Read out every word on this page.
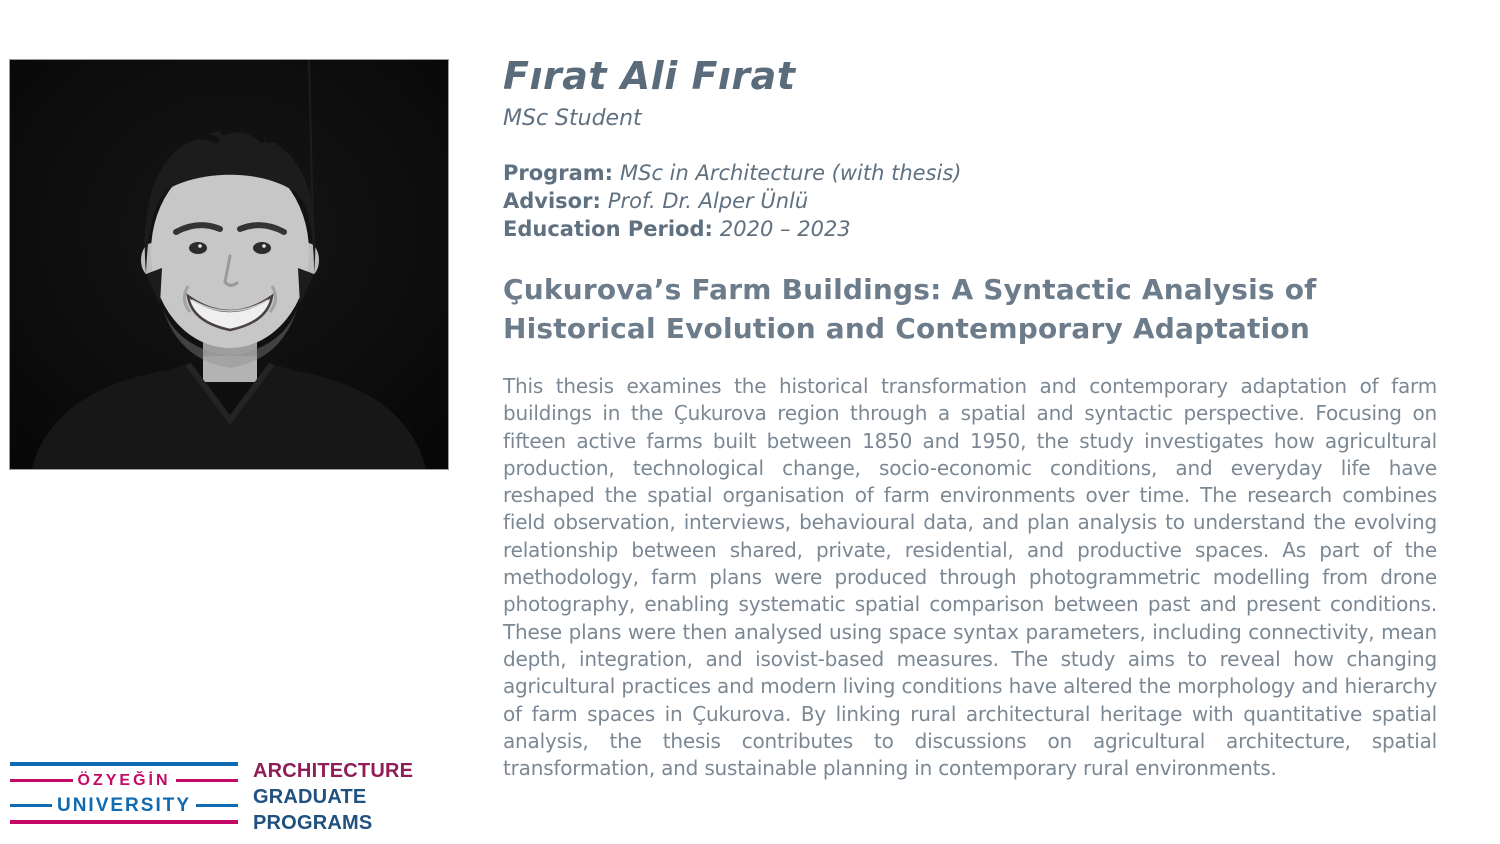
Fırat Ali Fırat
MSc Student
Program: MSc in Architecture (with thesis)
Advisor: Prof. Dr. Alper Ünlü
Education Period: 2020 – 2023
Çukurova’s Farm Buildings: A Syntactic Analysis of Historical Evolution and Contemporary Adaptation

This thesis examines the historical transformation and contemporary adaptation of farm buildings in the Çukurova region through a spatial and syntactic perspective. Focusing on fifteen active farms built between 1850 and 1950, the study investigates how agricultural production, technological change, socio-economic conditions, and everyday life have reshaped the spatial organisation of farm environments over time. The research combines field observation, interviews, behavioural data, and plan analysis to understand the evolving relationship between shared, private, residential, and productive spaces. As part of the methodology, farm plans were produced through photogrammetric modelling from drone photography, enabling systematic spatial comparison between past and present conditions. These plans were then analysed using space syntax parameters, including connectivity, mean depth, integration, and isovist-based measures. The study aims to reveal how changing agricultural practices and modern living conditions have altered the morphology and hierarchy of farm spaces in Çukurova. By linking rural architectural heritage with quantitative spatial analysis, the thesis contributes to discussions on agricultural architecture, spatial transformation, and sustainable planning in contemporary rural environments.

ÖZYEĞİN
UNIVERSITY
ARCHITECTURE
GRADUATE
PROGRAMS
